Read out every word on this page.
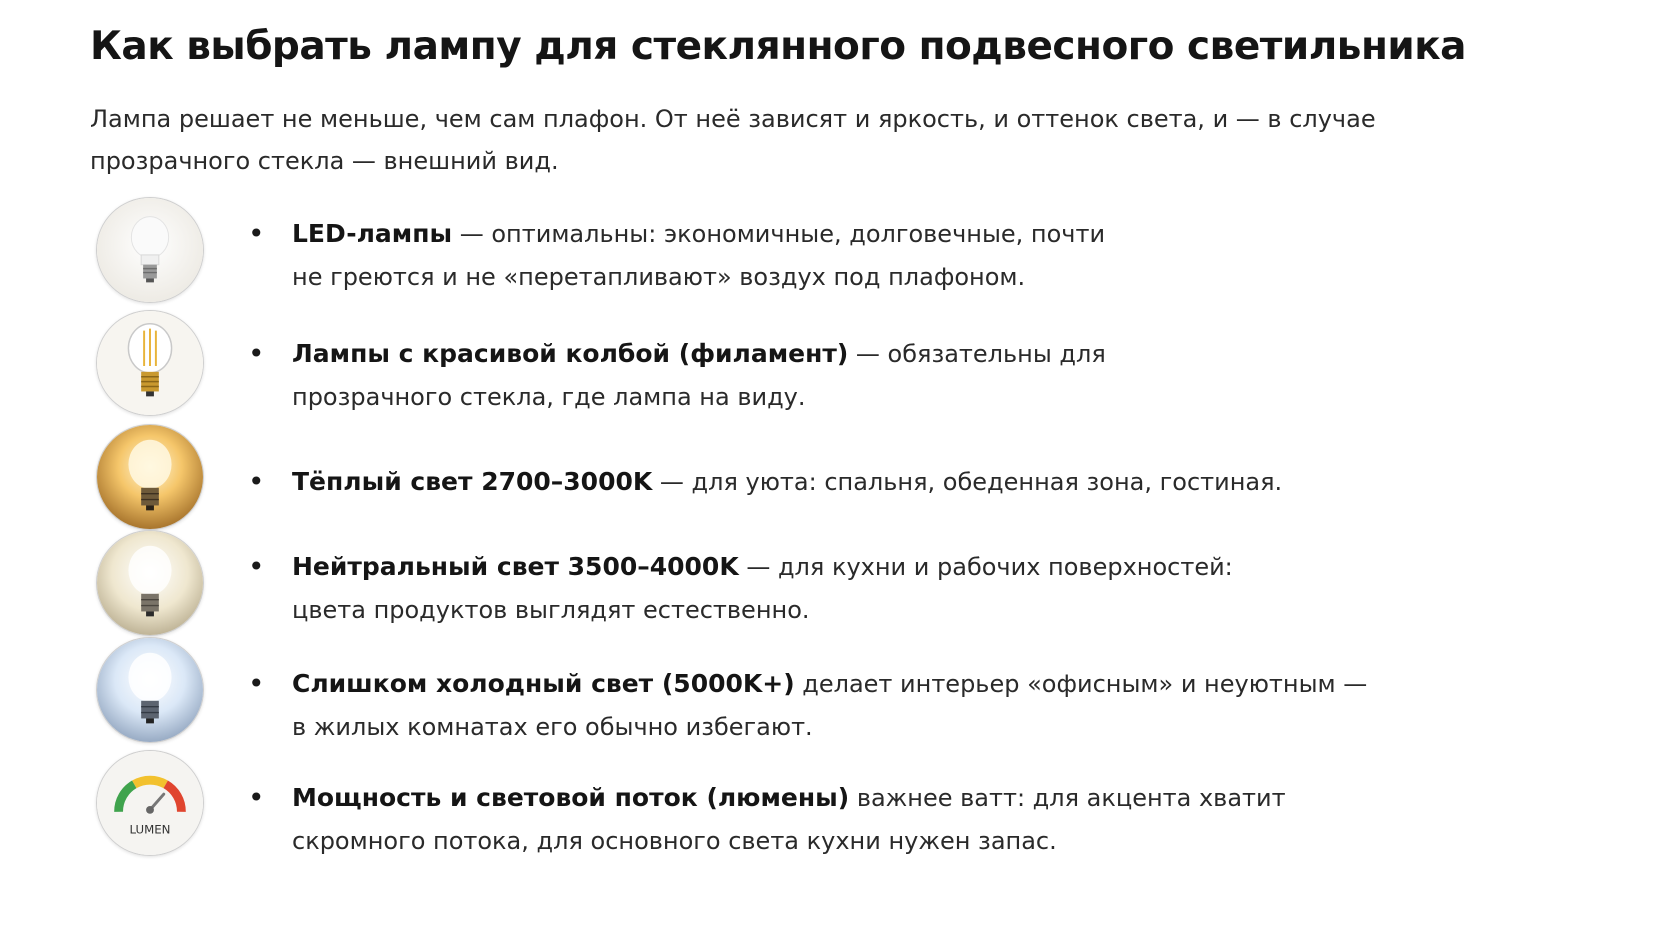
Как выбрать лампу для стеклянного подвесного светильника

Лампа решает не меньше, чем сам плафон. От неё зависят и яркость, и оттенок света, и — в случае прозрачного стекла — внешний вид.

LUMEN
• LED-лампы — оптимальны: экономичные, долговечные, почти не греются и не «перетапливают» воздух под плафоном.
• Лампы с красивой колбой (филамент) — обязательны для прозрачного стекла, где лампа на виду.
• Тёплый свет 2700–3000K — для уюта: спальня, обеденная зона, гостиная.
• Нейтральный свет 3500–4000K — для кухни и рабочих поверхностей: цвета продуктов выглядят естественно.
• Слишком холодный свет (5000K+) делает интерьер «офисным» и неуютным — в жилых комнатах его обычно избегают.
• Мощность и световой поток (люмены) важнее ватт: для акцента хватит скромного потока, для основного света кухни нужен запас.
